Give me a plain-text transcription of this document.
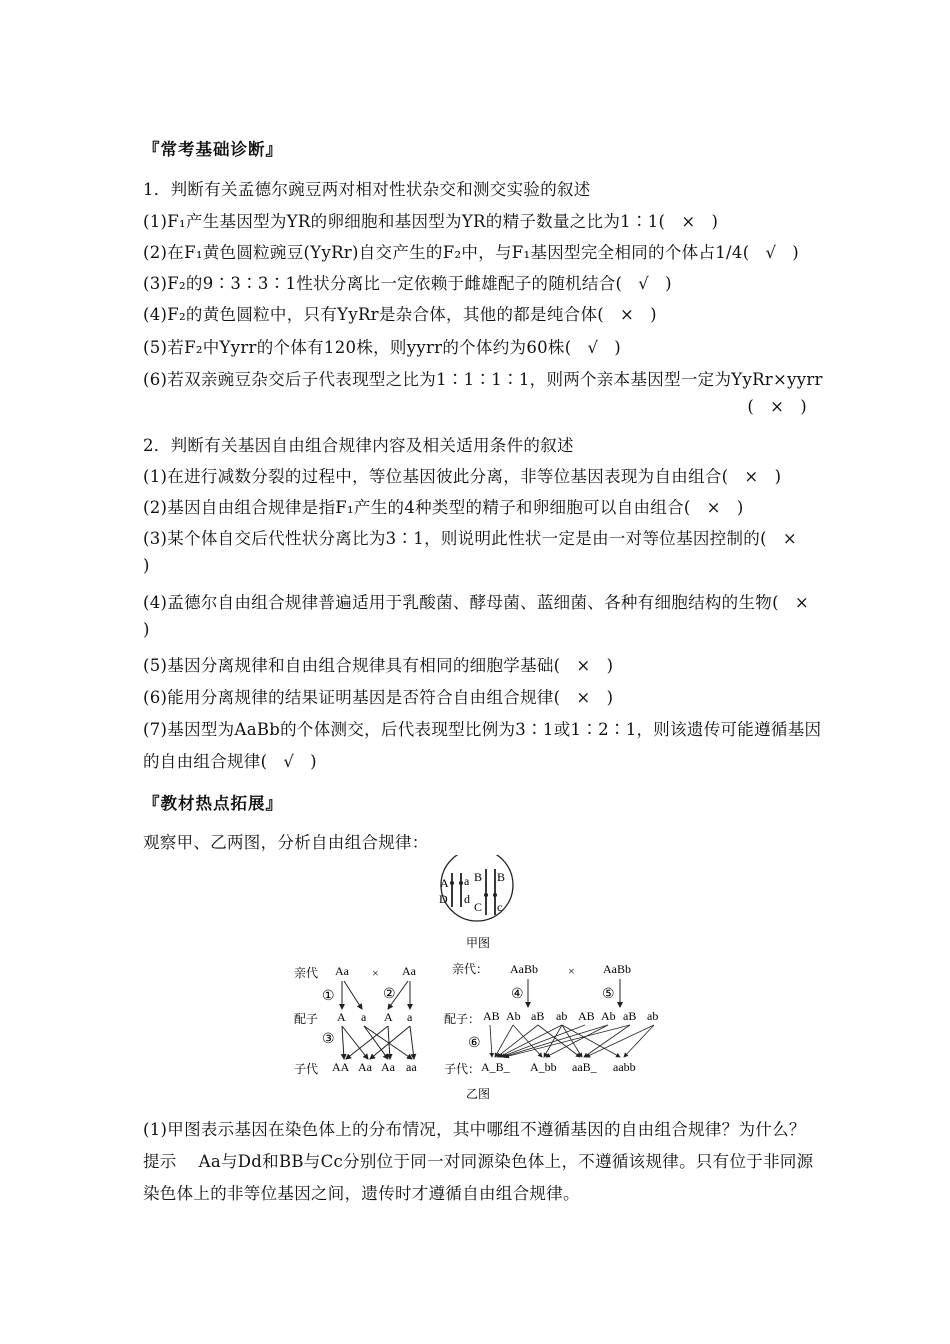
『常考基础诊断』
1．判断有关孟德尔豌豆两对相对性状杂交和测交实验的叙述
(1)F₁产生基因型为YR的卵细胞和基因型为YR的精子数量之比为1∶1( × )
(2)在F₁黄色圆粒豌豆(YyRr)自交产生的F₂中，与F₁基因型完全相同的个体占1/4( √ )
(3)F₂的9∶3∶3∶1性状分离比一定依赖于雌雄配子的随机结合( √ )
(4)F₂的黄色圆粒中，只有YyRr是杂合体，其他的都是纯合体( × )
(5)若F₂中Yyrr的个体有120株，则yyrr的个体约为60株( √ )
(6)若双亲豌豆杂交后子代表现型之比为1∶1∶1∶1，则两个亲本基因型一定为YyRr×yyrr
( × )
2．判断有关基因自由组合规律内容及相关适用条件的叙述
(1)在进行减数分裂的过程中，等位基因彼此分离，非等位基因表现为自由组合( × )
(2)基因自由组合规律是指F₁产生的4种类型的精子和卵细胞可以自由组合( × )
(3)某个体自交后代性状分离比为3∶1，则说明此性状一定是由一对等位基因控制的( ×
)
(4)孟德尔自由组合规律普遍适用于乳酸菌、酵母菌、蓝细菌、各种有细胞结构的生物( ×
)
(5)基因分离规律和自由组合规律具有相同的细胞学基础( × )
(6)能用分离规律的结果证明基因是否符合自由组合规律( × )
(7)基因型为AaBb的个体测交，后代表现型比例为3∶1或1∶2∶1，则该遗传可能遵循基因
的自由组合规律( √ )
『教材热点拓展』
观察甲、乙两图，分析自由组合规律：
A a
D d
B B
C c
甲图
亲代 Aa × Aa
①	②
③
配子 A a A a
子代 AA Aa Aa aa
亲代： AaBb	× AaBb
④	⑤
配子： AB Ab aB ab AB Ab aB ab
⑥
子代： A_B_ A_bb aaB_ aabb
乙图
(1)甲图表示基因在染色体上的分布情况，其中哪组不遵循基因的自由组合规律？为什么？
提示 Aa与Dd和BB与Cc分别位于同一对同源染色体上，不遵循该规律。只有位于非同源
染色体上的非等位基因之间，遗传时才遵循自由组合规律。
